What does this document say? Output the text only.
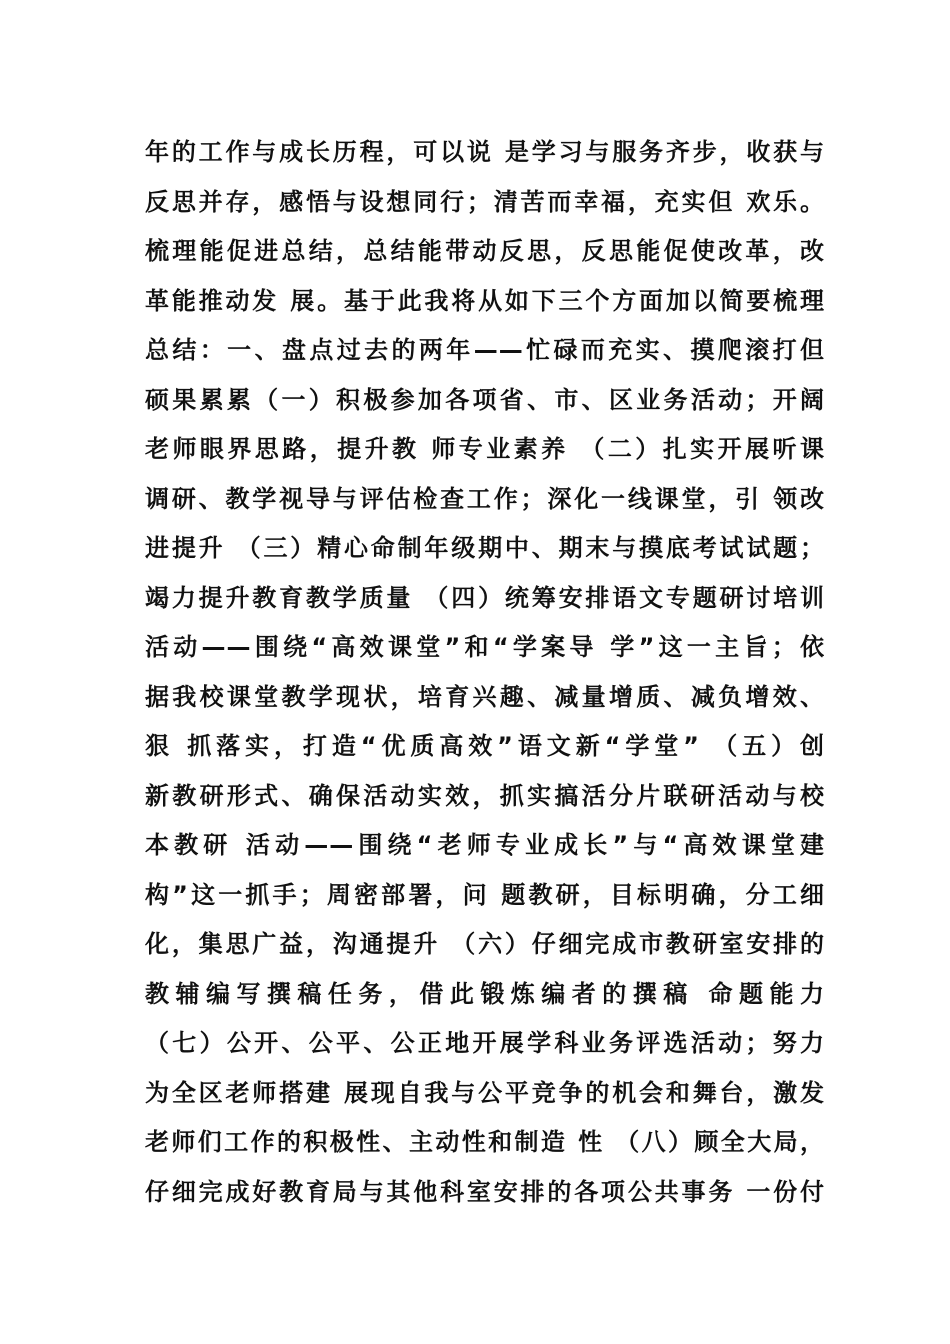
年的工作与成长历程，可以说 是学习与服务齐步，收获与
反思并存，感悟与设想同行；清苦而幸福，充实但 欢乐。
梳理能促进总结，总结能带动反思，反思能促使改革，改
革能推动发 展。基于此我将从如下三个方面加以简要梳理
总结：一、盘点过去的两年——忙碌而充实、摸爬滚打但
硕果累累（一）积极参加各项省、市、区业务活动；开阔
老师眼界思路，提升教 师专业素养 （二）扎实开展听课
调研、教学视导与评估检查工作；深化一线课堂，引 领改
进提升 （三）精心命制年级期中、期末与摸底考试试题；
竭力提升教育教学质量 （四）统筹安排语文专题研讨培训
活动——围绕“高效课堂”和“学案导 学”这一主旨；依
据我校课堂教学现状，培育兴趣、减量增质、减负增效、
狠 抓落实，打造“优质高效”语文新“学堂” （五）创
新教研形式、确保活动实效，抓实搞活分片联研活动与校
本教研 活动——围绕“老师专业成长”与“高效课堂建
构”这一抓手；周密部署，问 题教研，目标明确，分工细
化，集思广益，沟通提升 （六）仔细完成市教研室安排的
教辅编写撰稿任务，借此锻炼编者的撰稿 命题能力
（七）公开、公平、公正地开展学科业务评选活动；努力
为全区老师搭建 展现自我与公平竞争的机会和舞台，激发
老师们工作的积极性、主动性和制造 性 （八）顾全大局，
仔细完成好教育局与其他科室安排的各项公共事务 一份付
